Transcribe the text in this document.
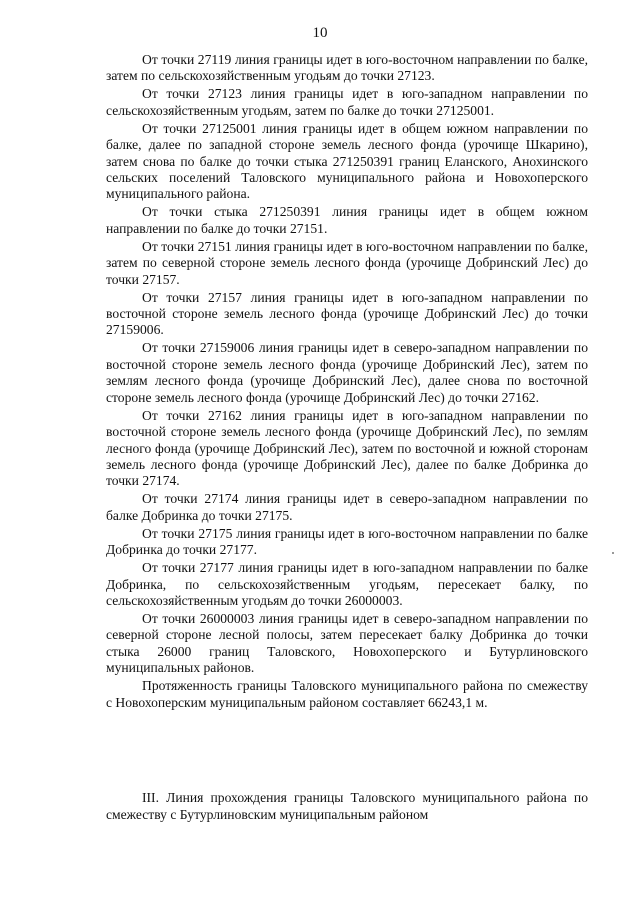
10

От точки 27119 линия границы идет в юго-восточном направлении по балке, затем по сельскохозяйственным угодьям до точки 27123.

От точки 27123 линия границы идет в юго-западном направлении по сельскохозяйственным угодьям, затем по балке до точки 27125001.

От точки 27125001 линия границы идет в общем южном направлении по балке, далее по западной стороне земель лесного фонда (урочище Шкарино), затем снова по балке до точки стыка 271250391 границ Еланского, Анохинского сельских поселений Таловского муниципального района и Новохоперского муниципального района.

От точки стыка 271250391 линия границы идет в общем южном направлении по балке до точки 27151.

От точки 27151 линия границы идет в юго-восточном направлении по балке, затем по северной стороне земель лесного фонда (урочище Добринский Лес) до точки 27157.

От точки 27157 линия границы идет в юго-западном направлении по восточной стороне земель лесного фонда (урочище Добринский Лес) до точки 27159006.

От точки 27159006 линия границы идет в северо-западном направлении по восточной стороне земель лесного фонда (урочище Добринский Лес), затем по землям лесного фонда (урочище Добринский Лес), далее снова по восточной стороне земель лесного фонда (урочище Добринский Лес) до точки 27162.

От точки 27162 линия границы идет в юго-западном направлении по восточной стороне земель лесного фонда (урочище Добринский Лес), по землям лесного фонда (урочище Добринский Лес), затем по восточной и южной сторонам земель лесного фонда (урочище Добринский Лес), далее по балке Добринка до точки 27174.

От точки 27174 линия границы идет в северо-западном направлении по балке Добринка до точки 27175.

От точки 27175 линия границы идет в юго-восточном направлении по балке Добринка до точки 27177.

От точки 27177 линия границы идет в юго-западном направлении по балке Добринка, по сельскохозяйственным угодьям, пересекает балку, по сельскохозяйственным угодьям до точки 26000003.

От точки 26000003 линия границы идет в северо-западном направлении по северной стороне лесной полосы, затем пересекает балку Добринка до точки стыка 26000 границ Таловского, Новохоперского и Бутурлиновского муниципальных районов.

Протяженность границы Таловского муниципального района по смежеству с Новохоперским муниципальным районом составляет 66243,1 м.

III. Линия прохождения границы Таловского муниципального района по смежеству с Бутурлиновским муниципальным районом
